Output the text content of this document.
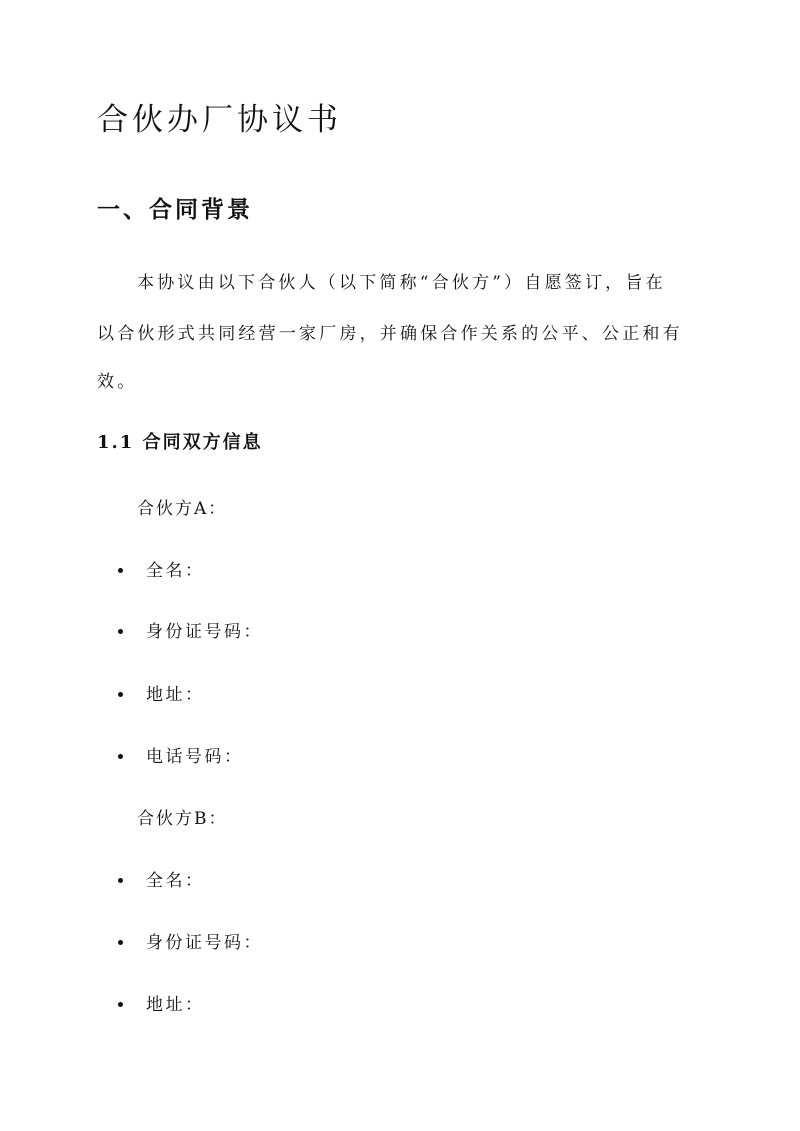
合伙办厂协议书
一、合同背景
本协议由以下合伙人（以下简称“合伙方”）自愿签订，旨在
以合伙形式共同经营一家厂房，并确保合作关系的公平、公正和有
效。
1.1 合同双方信息
合伙方A：
全名：
身份证号码：
地址：
电话号码：
合伙方B：
全名：
身份证号码：
地址：
